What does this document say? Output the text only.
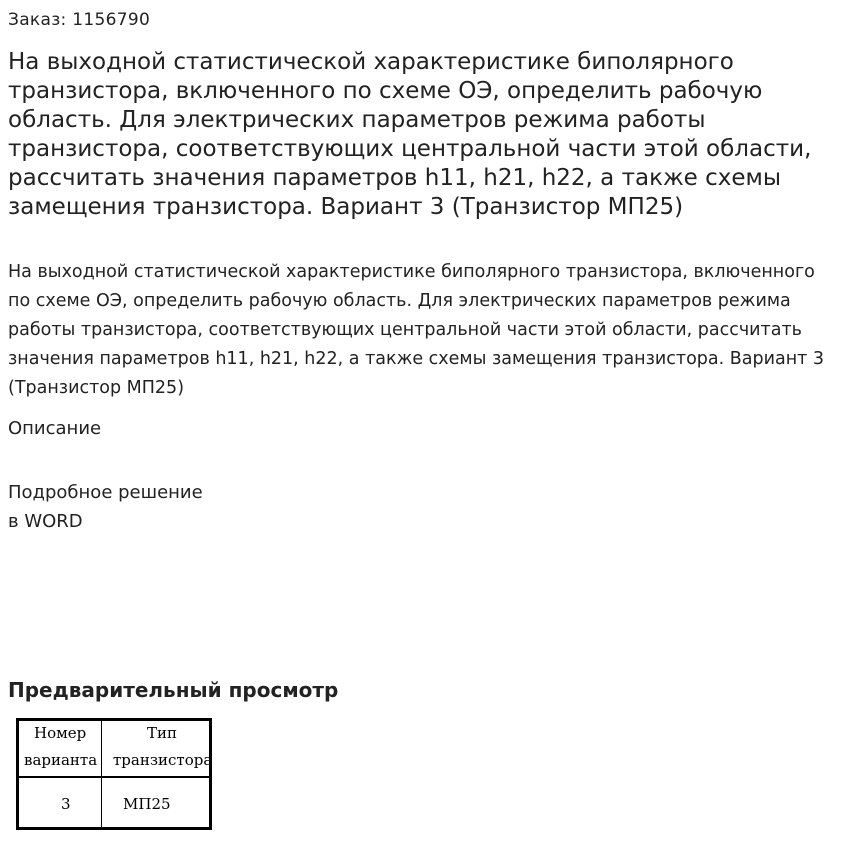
Заказ: 1156790
На выходной статистической характеристике биполярного транзистора, включенного по схеме ОЭ, определить рабочую область. Для электрических параметров режима работы транзистора, соответствующих центральной части этой области, рассчитать значения параметров h11, h21, h22, а также схемы замещения транзистора. Вариант 3 (Транзистор МП25)

На выходной статистической характеристике биполярного транзистора, включенного по схеме ОЭ, определить рабочую область. Для электрических параметров режима работы транзистора, соответствующих центральной части этой области, рассчитать значения параметров h11, h21, h22, а также схемы замещения транзистора. Вариант 3 (Транзистор МП25)

Описание
Подробное решение
в WORD
Предварительный просмотр
Номер
варианта
Тип
транзистора
3	МП25
